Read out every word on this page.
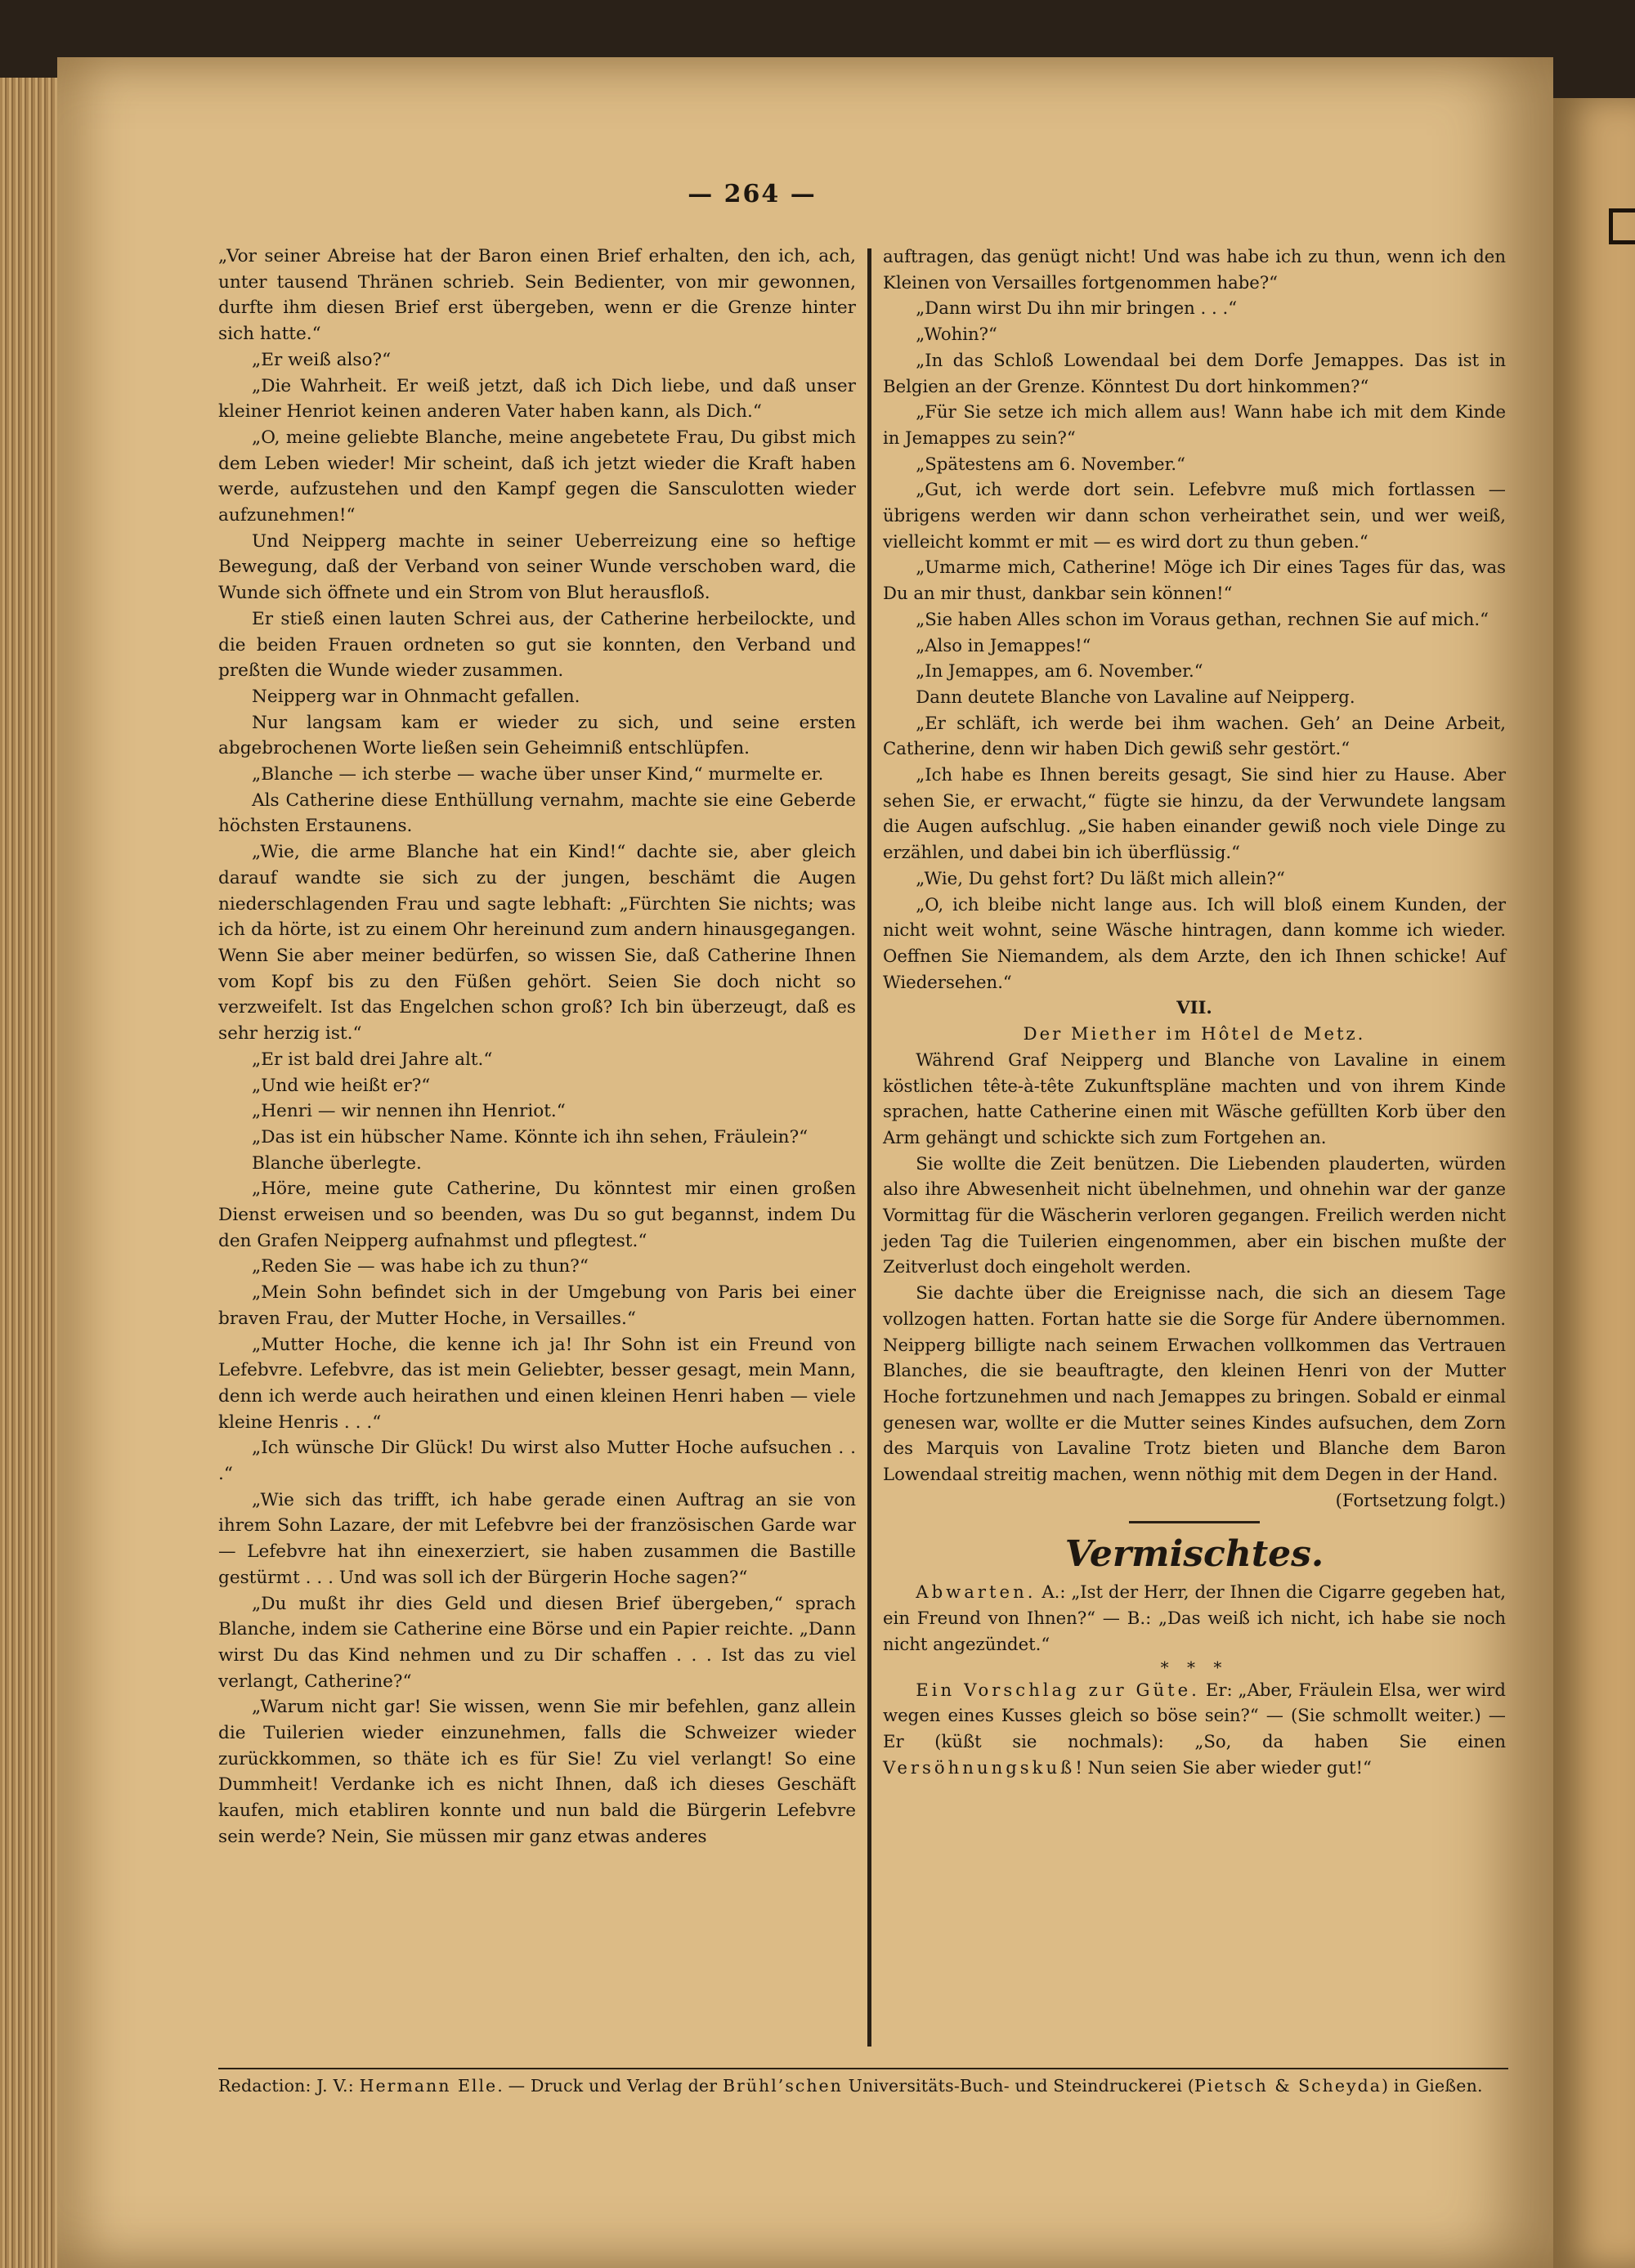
— 264 —

„Vor seiner Abreise hat der Baron einen Brief erhalten, den ich, ach, unter tausend Thränen schrieb. Sein Bedienter, von mir gewonnen, durfte ihm diesen Brief erst übergeben, wenn er die Grenze hinter sich hatte.“

„Er weiß also?“

„Die Wahrheit. Er weiß jetzt, daß ich Dich liebe, und daß unser kleiner Henriot keinen anderen Vater haben kann, als Dich.“

„O, meine geliebte Blanche, meine angebetete Frau, Du gibst mich dem Leben wieder! Mir scheint, daß ich jetzt wieder die Kraft haben werde, aufzustehen und den Kampf gegen die Sansculotten wieder aufzunehmen!“

Und Neipperg machte in seiner Ueberreizung eine so heftige Bewegung, daß der Verband von seiner Wunde verschoben ward, die Wunde sich öffnete und ein Strom von Blut herausfloß.

Er stieß einen lauten Schrei aus, der Catherine herbeilockte, und die beiden Frauen ordneten so gut sie konnten, den Verband und preßten die Wunde wieder zusammen.

Neipperg war in Ohnmacht gefallen.

Nur langsam kam er wieder zu sich, und seine ersten abgebrochenen Worte ließen sein Geheimniß entschlüpfen.

„Blanche — ich sterbe — wache über unser Kind,“ murmelte er.

Als Catherine diese Enthüllung vernahm, machte sie eine Geberde höchsten Erstaunens.

„Wie, die arme Blanche hat ein Kind!“ dachte sie, aber gleich darauf wandte sie sich zu der jungen, beschämt die Augen niederschlagenden Frau und sagte lebhaft: „Fürchten Sie nichts; was ich da hörte, ist zu einem Ohr hereinund zum andern hinausgegangen. Wenn Sie aber meiner bedürfen, so wissen Sie, daß Catherine Ihnen vom Kopf bis zu den Füßen gehört. Seien Sie doch nicht so verzweifelt. Ist das Engelchen schon groß? Ich bin überzeugt, daß es sehr herzig ist.“

„Er ist bald drei Jahre alt.“

„Und wie heißt er?“

„Henri — wir nennen ihn Henriot.“

„Das ist ein hübscher Name. Könnte ich ihn sehen, Fräulein?“

Blanche überlegte.

„Höre, meine gute Catherine, Du könntest mir einen großen Dienst erweisen und so beenden, was Du so gut begannst, indem Du den Grafen Neipperg aufnahmst und pflegtest.“

„Reden Sie — was habe ich zu thun?“

„Mein Sohn befindet sich in der Umgebung von Paris bei einer braven Frau, der Mutter Hoche, in Versailles.“

„Mutter Hoche, die kenne ich ja! Ihr Sohn ist ein Freund von Lefebvre. Lefebvre, das ist mein Geliebter, besser gesagt, mein Mann, denn ich werde auch heirathen und einen kleinen Henri haben — viele kleine Henris . . .“

„Ich wünsche Dir Glück! Du wirst also Mutter Hoche aufsuchen . . .“

„Wie sich das trifft, ich habe gerade einen Auftrag an sie von ihrem Sohn Lazare, der mit Lefebvre bei der französischen Garde war — Lefebvre hat ihn einexerziert, sie haben zusammen die Bastille gestürmt . . . Und was soll ich der Bürgerin Hoche sagen?“

„Du mußt ihr dies Geld und diesen Brief übergeben,“ sprach Blanche, indem sie Catherine eine Börse und ein Papier reichte. „Dann wirst Du das Kind nehmen und zu Dir schaffen . . . Ist das zu viel verlangt, Catherine?“

„Warum nicht gar! Sie wissen, wenn Sie mir befehlen, ganz allein die Tuilerien wieder einzunehmen, falls die Schweizer wieder zurückkommen, so thäte ich es für Sie! Zu viel verlangt! So eine Dummheit! Verdanke ich es nicht Ihnen, daß ich dieses Geschäft kaufen, mich etabliren konnte und nun bald die Bürgerin Lefebvre sein werde? Nein, Sie müssen mir ganz etwas anderes

auftragen, das genügt nicht! Und was habe ich zu thun, wenn ich den Kleinen von Versailles fortgenommen habe?“

„Dann wirst Du ihn mir bringen . . .“

„Wohin?“

„In das Schloß Lowendaal bei dem Dorfe Jemappes. Das ist in Belgien an der Grenze. Könntest Du dort hinkommen?“

„Für Sie setze ich mich allem aus! Wann habe ich mit dem Kinde in Jemappes zu sein?“

„Spätestens am 6. November.“

„Gut, ich werde dort sein. Lefebvre muß mich fortlassen — übrigens werden wir dann schon verheirathet sein, und wer weiß, vielleicht kommt er mit — es wird dort zu thun geben.“

„Umarme mich, Catherine! Möge ich Dir eines Tages für das, was Du an mir thust, dankbar sein können!“

„Sie haben Alles schon im Voraus gethan, rechnen Sie auf mich.“

„Also in Jemappes!“

„In Jemappes, am 6. November.“

Dann deutete Blanche von Lavaline auf Neipperg.

„Er schläft, ich werde bei ihm wachen. Geh’ an Deine Arbeit, Catherine, denn wir haben Dich gewiß sehr gestört.“

„Ich habe es Ihnen bereits gesagt, Sie sind hier zu Hause. Aber sehen Sie, er erwacht,“ fügte sie hinzu, da der Verwundete langsam die Augen aufschlug. „Sie haben einander gewiß noch viele Dinge zu erzählen, und dabei bin ich überflüssig.“

„Wie, Du gehst fort? Du läßt mich allein?“

„O, ich bleibe nicht lange aus. Ich will bloß einem Kunden, der nicht weit wohnt, seine Wäsche hintragen, dann komme ich wieder. Oeffnen Sie Niemandem, als dem Arzte, den ich Ihnen schicke! Auf Wiedersehen.“

VII.

Der Miether im Hôtel de Metz.

Während Graf Neipperg und Blanche von Lavaline in einem köstlichen tête-à-tête Zukunftspläne machten und von ihrem Kinde sprachen, hatte Catherine einen mit Wäsche gefüllten Korb über den Arm gehängt und schickte sich zum Fortgehen an.

Sie wollte die Zeit benützen. Die Liebenden plauderten, würden also ihre Abwesenheit nicht übelnehmen, und ohnehin war der ganze Vormittag für die Wäscherin verloren gegangen. Freilich werden nicht jeden Tag die Tuilerien eingenommen, aber ein bischen mußte der Zeitverlust doch eingeholt werden.

Sie dachte über die Ereignisse nach, die sich an diesem Tage vollzogen hatten. Fortan hatte sie die Sorge für Andere übernommen. Neipperg billigte nach seinem Erwachen vollkommen das Vertrauen Blanches, die sie beauftragte, den kleinen Henri von der Mutter Hoche fortzunehmen und nach Jemappes zu bringen. Sobald er einmal genesen war, wollte er die Mutter seines Kindes aufsuchen, dem Zorn des Marquis von Lavaline Trotz bieten und Blanche dem Baron Lowendaal streitig machen, wenn nöthig mit dem Degen in der Hand.

(Fortsetzung folgt.)

Vermischtes.

Abwarten. A.: „Ist der Herr, der Ihnen die Cigarre gegeben hat, ein Freund von Ihnen?“ — B.: „Das weiß ich nicht, ich habe sie noch nicht angezündet.“

* * *

Ein Vorschlag zur Güte. Er: „Aber, Fräulein Elsa, wer wird wegen eines Kusses gleich so böse sein?“ — (Sie schmollt weiter.) — Er (küßt sie nochmals): „So, da haben Sie einen Versöhnungskuß! Nun seien Sie aber wieder gut!“

Redaction: J. V.: Hermann Elle. — Druck und Verlag der Brühl’schen Universitäts-Buch- und Steindruckerei (Pietsch & Scheyda) in Gießen.
